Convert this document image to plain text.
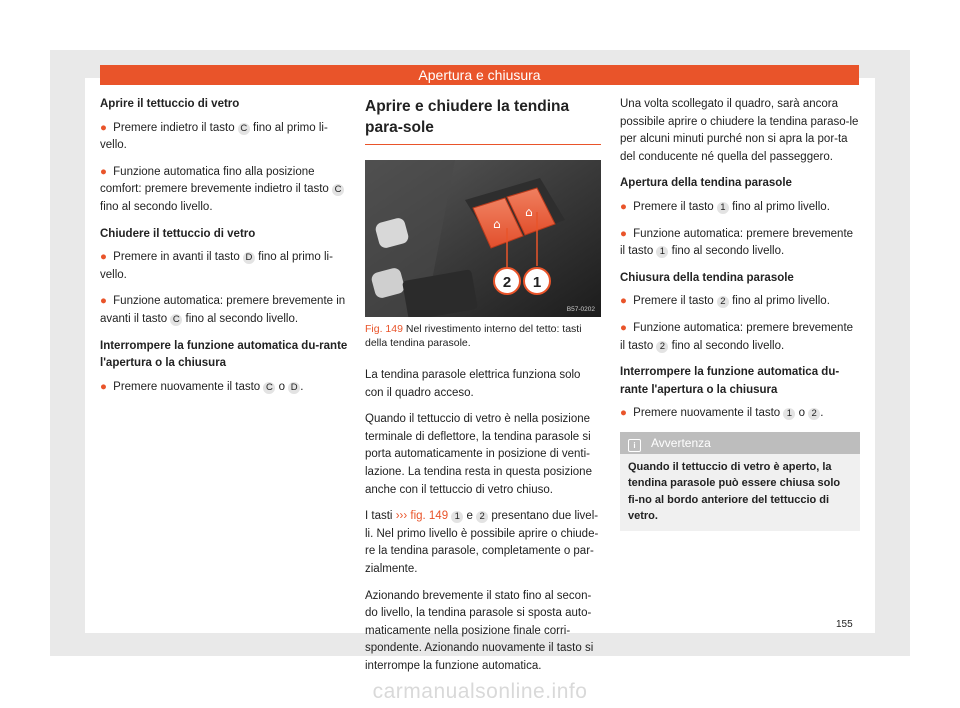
Apertura e chiusura

Aprire il tettuccio di vetro

● Premere indietro il tasto C fino al primo li-vello.

● Funzione automatica fino alla posizione comfort: premere brevemente indietro il tasto C fino al secondo livello.

Chiudere il tettuccio di vetro

● Premere in avanti il tasto D fino al primo li-vello.

● Funzione automatica: premere brevemente in avanti il tasto C fino al secondo livello.

Interrompere la funzione automatica du-rante l'apertura o la chiusura

● Premere nuovamente il tasto C o D .

Aprire e chiudere la tendina para-sole
⌂
⌂
2 1
B57-0202
Fig. 149 Nel rivestimento interno del tetto: tasti della tendina parasole.

La tendina parasole elettrica funziona solo con il quadro acceso.

Quando il tettuccio di vetro è nella posizione terminale di deflettore, la tendina parasole si porta automaticamente in posizione di venti-lazione. La tendina resta in questa posizione anche con il tettuccio di vetro chiuso.

I tasti ››› fig. 149 1 e 2 presentano due livel-li. Nel primo livello è possibile aprire o chiude-re la tendina parasole, completamente o par-zialmente.

Azionando brevemente il stato fino al secon-do livello, la tendina parasole si sposta auto-maticamente nella posizione finale corri-spondente. Azionando nuovamente il tasto si interrompe la funzione automatica.

Una volta scollegato il quadro, sarà ancora possibile aprire o chiudere la tendina paraso-le per alcuni minuti purché non si apra la por-ta del conducente né quella del passeggero.

Apertura della tendina parasole

● Premere il tasto 1 fino al primo livello.

● Funzione automatica: premere brevemente il tasto 1 fino al secondo livello.

Chiusura della tendina parasole

● Premere il tasto 2 fino al primo livello.

● Funzione automatica: premere brevemente il tasto 2 fino al secondo livello.

Interrompere la funzione automatica du-rante l'apertura o la chiusura

● Premere nuovamente il tasto 1 o 2 .

i Avvertenza
Quando il tettuccio di vetro è aperto, la tendina parasole può essere chiusa solo fi-no al bordo anteriore del tettuccio di vetro.
155
carmanualsonline.info
